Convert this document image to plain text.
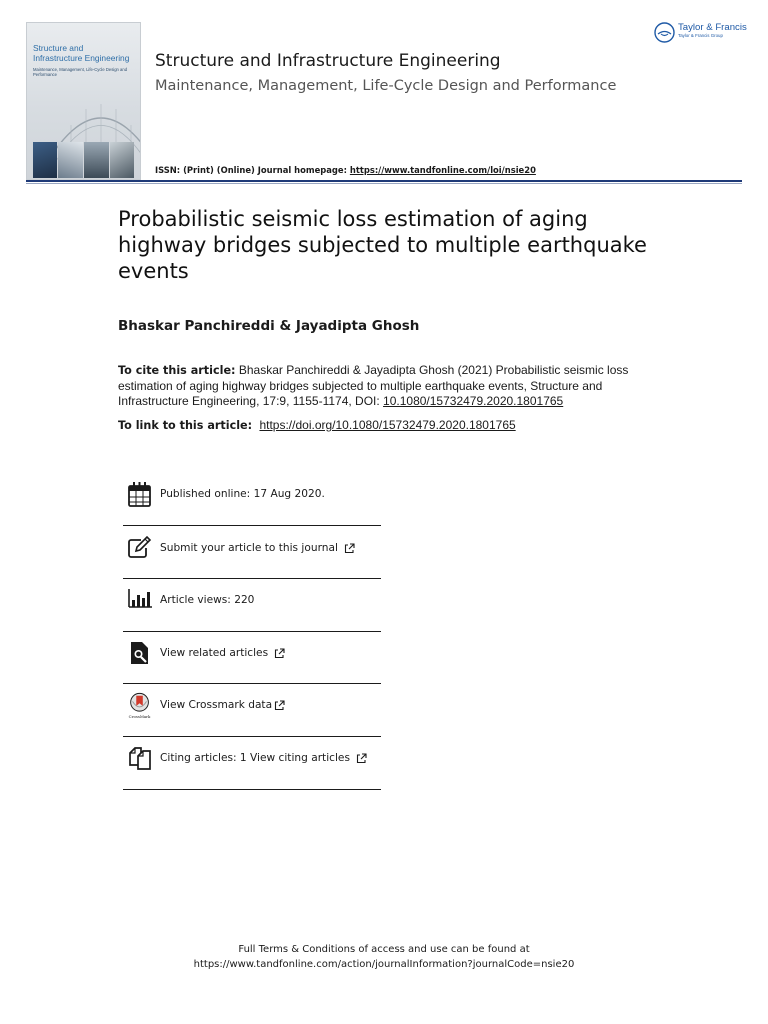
Structure and
Infrastructure Engineering
Maintenance, Management, Life-Cycle Design and Performance
Structure and Infrastructure Engineering
Maintenance, Management, Life-Cycle Design and Performance
ISSN: (Print) (Online) Journal homepage: https://www.tandfonline.com/loi/nsie20
Taylor & Francis
Taylor & Francis Group
Probabilistic seismic loss estimation of aging highway bridges subjected to multiple earthquake events
Bhaskar Panchireddi & Jayadipta Ghosh
To cite this article: Bhaskar Panchireddi & Jayadipta Ghosh (2021) Probabilistic seismic loss estimation of aging highway bridges subjected to multiple earthquake events, Structure and Infrastructure Engineering, 17:9, 1155-1174, DOI: 10.1080/15732479.2020.1801765
To link to this article: https://doi.org/10.1080/15732479.2020.1801765
Published online: 17 Aug 2020.
Submit your article to this journal
Article views: 220
View related articles
CrossMark
View Crossmark data
Citing articles: 1 View citing articles
Full Terms & Conditions of access and use can be found at
https://www.tandfonline.com/action/journalInformation?journalCode=nsie20
